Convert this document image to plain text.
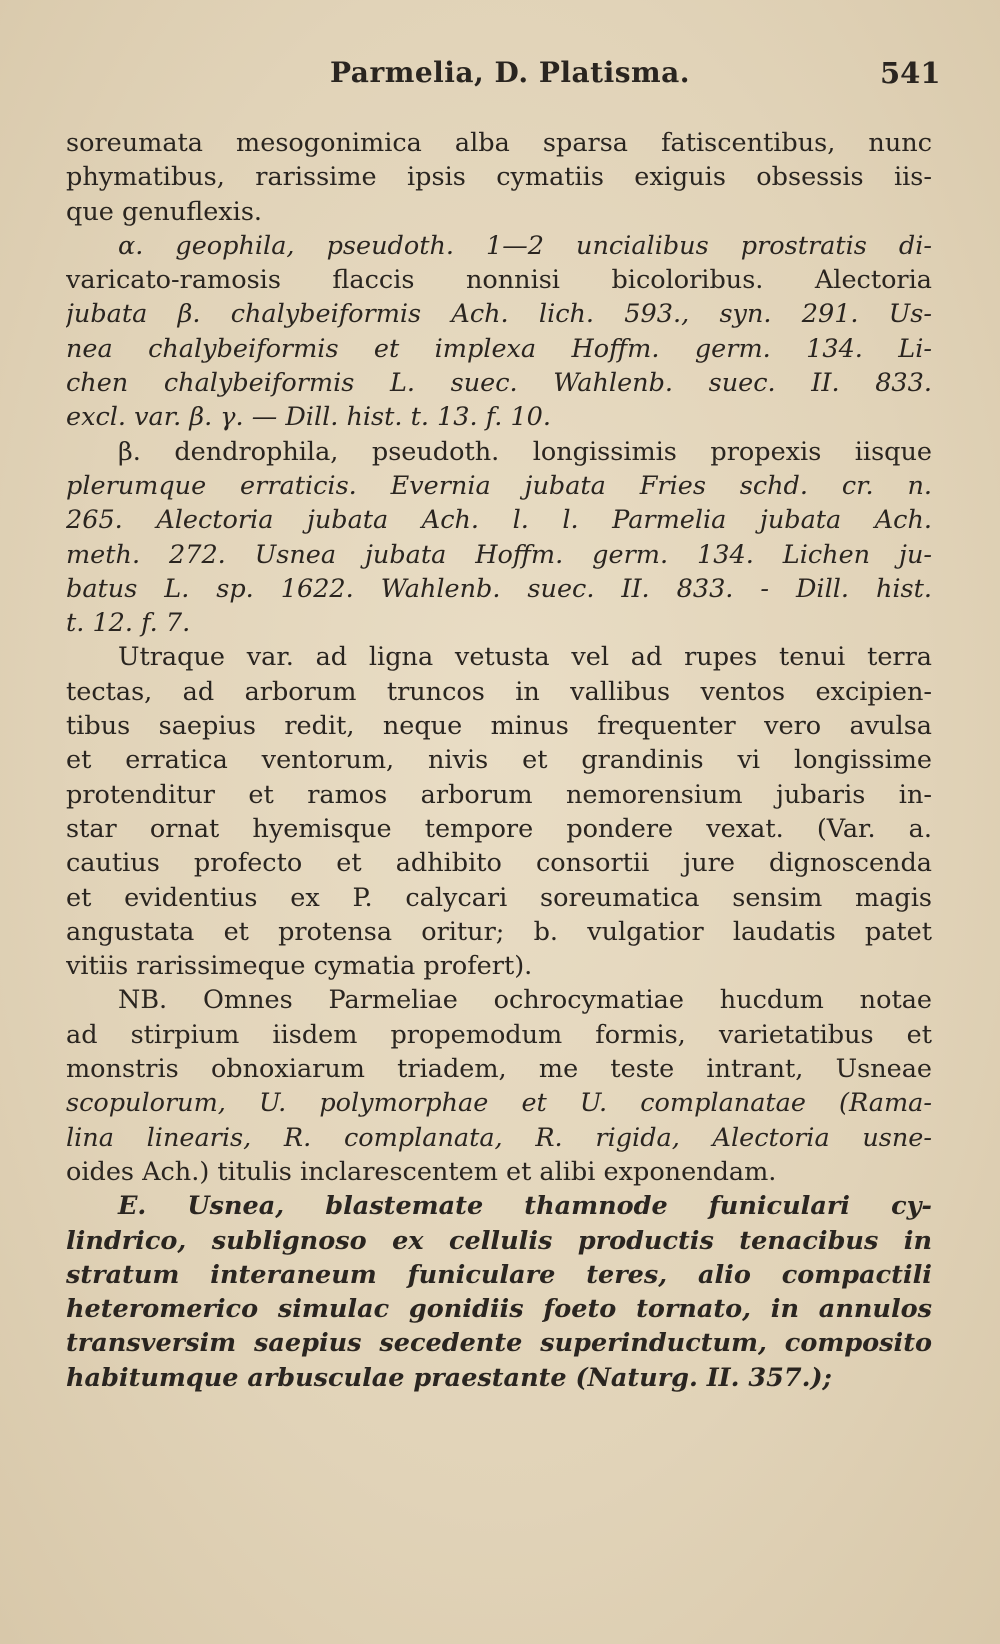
Parmelia, D. Platisma.	541
soreumata mesogonimica alba sparsa fatiscentibus, nunc
phymatibus, rarissime ipsis cymatiis exiguis obsessis iis-
que genuflexis.
α. geophila, pseudoth. 1—2 uncialibus prostratis di-
varicato-ramosis flaccis nonnisi bicoloribus. Alectoria
jubata β. chalybeiformis Ach. lich. 593., syn. 291. Us-
nea chalybeiformis et implexa Hoffm. germ. 134. Li-
chen chalybeiformis L. suec. Wahlenb. suec. II. 833.
excl. var. β. γ. — Dill. hist. t. 13. f. 10.
β. dendrophila, pseudoth. longissimis propexis iisque
plerumque erraticis. Evernia jubata Fries schd. cr. n.
265. Alectoria jubata Ach. l. l. Parmelia jubata Ach.
meth. 272. Usnea jubata Hoffm. germ. 134. Lichen ju-
batus L. sp. 1622. Wahlenb. suec. II. 833. - Dill. hist.
t. 12. f. 7.
Utraque var. ad ligna vetusta vel ad rupes tenui terra
tectas, ad arborum truncos in vallibus ventos excipien-
tibus saepius redit, neque minus frequenter vero avulsa
et erratica ventorum, nivis et grandinis vi longissime
protenditur et ramos arborum nemorensium jubaris in-
star ornat hyemisque tempore pondere vexat. (Var. a.
cautius profecto et adhibito consortii jure dignoscenda
et evidentius ex P. calycari soreumatica sensim magis
angustata et protensa oritur; b. vulgatior laudatis patet
vitiis rarissimeque cymatia profert).
NB. Omnes Parmeliae ochrocymatiae hucdum notae
ad stirpium iisdem propemodum formis, varietatibus et
monstris obnoxiarum triadem, me teste intrant, Usneae
scopulorum, U. polymorphae et U. complanatae (Rama-
lina linearis, R. complanata, R. rigida, Alectoria usne-
oides Ach.) titulis inclarescentem et alibi exponendam.
E. Usnea, blastemate thamnode funiculari cy-
lindrico, sublignoso ex cellulis productis tenacibus in
stratum interaneum funiculare teres, alio compactili
heteromerico simulac gonidiis foeto tornato, in annulos
transversim saepius secedente superinductum, composito
habitumque arbusculae praestante (Naturg. II. 357.);
